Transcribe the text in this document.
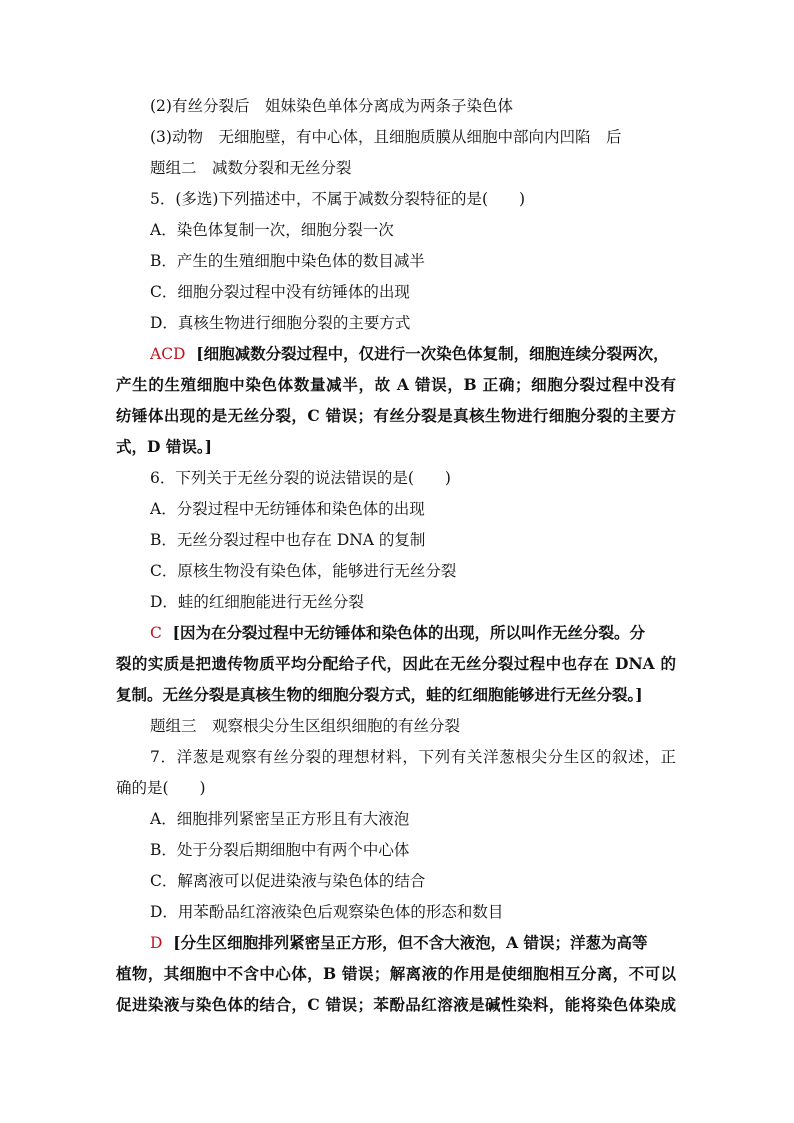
(2)有丝分裂后　姐妹染色单体分离成为两条子染色体
(3)动物　无细胞壁，有中心体，且细胞质膜从细胞中部向内凹陷　后
题组二　减数分裂和无丝分裂
5．(多选)下列描述中，不属于减数分裂特征的是(　　)
A．染色体复制一次，细胞分裂一次
B．产生的生殖细胞中染色体的数目减半
C．细胞分裂过程中没有纺锤体的出现
D．真核生物进行细胞分裂的主要方式
ACD [细胞减数分裂过程中，仅进行一次染色体复制，细胞连续分裂两次，
产生的生殖细胞中染色体数量减半，故 A 错误，B 正确；细胞分裂过程中没有
纺锤体出现的是无丝分裂，C 错误；有丝分裂是真核生物进行细胞分裂的主要方
式，D 错误。]
6．下列关于无丝分裂的说法错误的是(　　)
A．分裂过程中无纺锤体和染色体的出现
B．无丝分裂过程中也存在 DNA 的复制
C．原核生物没有染色体，能够进行无丝分裂
D．蛙的红细胞能进行无丝分裂
C [因为在分裂过程中无纺锤体和染色体的出现，所以叫作无丝分裂。分
裂的实质是把遗传物质平均分配给子代，因此在无丝分裂过程中也存在 DNA 的
复制。无丝分裂是真核生物的细胞分裂方式，蛙的红细胞能够进行无丝分裂。]
题组三　观察根尖分生区组织细胞的有丝分裂
7．洋葱是观察有丝分裂的理想材料，下列有关洋葱根尖分生区的叙述，正
确的是(　　)
A．细胞排列紧密呈正方形且有大液泡
B．处于分裂后期细胞中有两个中心体
C．解离液可以促进染液与染色体的结合
D．用苯酚品红溶液染色后观察染色体的形态和数目
D [分生区细胞排列紧密呈正方形，但不含大液泡，A 错误；洋葱为高等
植物，其细胞中不含中心体，B 错误；解离液的作用是使细胞相互分离，不可以
促进染液与染色体的结合，C 错误；苯酚品红溶液是碱性染料，能将染色体染成
